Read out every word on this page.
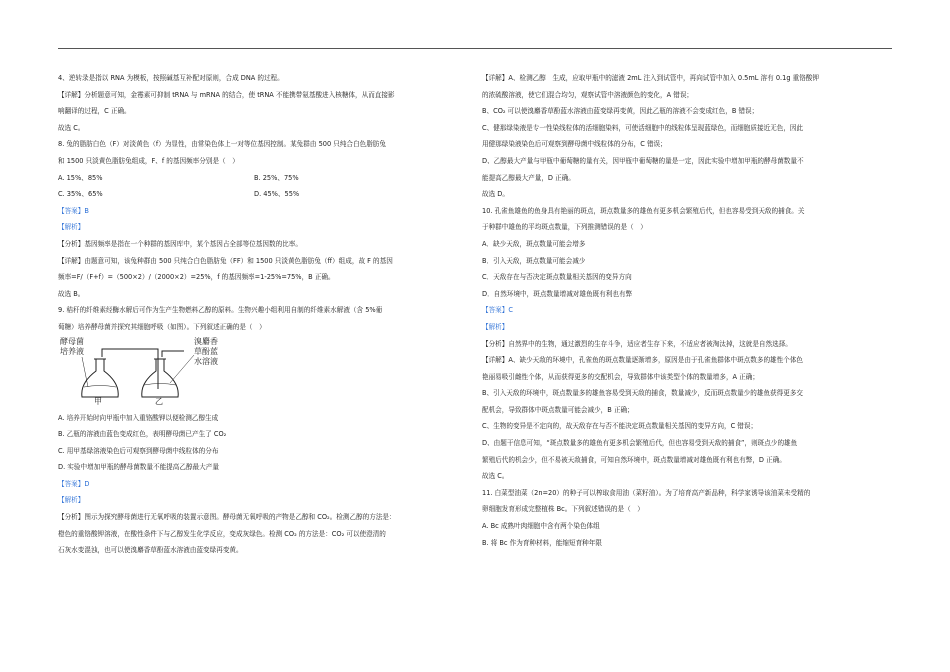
4、逆转录是指以 RNA 为模板，按照碱基互补配对原则，合成 DNA 的过程。
【详解】分析题意可知，金霉素可抑制 tRNA 与 mRNA 的结合，使 tRNA 不能携带氨基酸进入核糖体，从而直接影
响翻译的过程，C 正确。
故选 C。
8. 兔的脂肪白色（F）对淡黄色（f）为显性，由常染色体上一对等位基因控制。某兔群由 500 只纯合白色脂肪兔
和 1500 只淡黄色脂肪兔组成，F、f 的基因频率分别是（　）
A. 15%、85%	B. 25%、75%
C. 35%、65%	D. 45%、55%
【答案】B
【解析】
【分析】基因频率是指在一个种群的基因库中，某个基因占全部等位基因数的比率。
【详解】由题意可知，该兔种群由 500 只纯合白色脂肪兔（FF）和 1500 只淡黄色脂肪兔（ff）组成，故 F 的基因
频率=F/（F+f）=（500×2）/（2000×2）=25%，f 的基因频率=1-25%=75%，B 正确。
故选 B。
9. 秸秆的纤维素经酶水解后可作为生产生物燃料乙醇的原料。生物兴趣小组利用自制的纤维素水解液（含 5%葡
萄糖）培养酵母菌并探究其细胞呼吸（如图）。下列叙述正确的是（　）
酵母菌
培养液
溴麝香
草酚蓝
水溶液
甲	乙
A. 培养开始时向甲瓶中加入重铬酸钾以便检测乙醇生成
B. 乙瓶的溶液由蓝色变成红色，表明酵母菌已产生了 CO₂
C. 用甲基绿溶液染色后可观察到酵母菌中线粒体的分布
D. 实验中增加甲瓶的酵母菌数量不能提高乙醇最大产量
【答案】D
【解析】
【分析】图示为探究酵母菌进行无氧呼吸的装置示意图。酵母菌无氧呼吸的产物是乙醇和 CO₂。检测乙醇的方法是：
橙色的重铬酸钾溶液，在酸性条件下与乙醇发生化学反应，变成灰绿色。检测 CO₂ 的方法是：CO₂ 可以使澄清的
石灰水变混浊，也可以使溴麝香草酚蓝水溶液由蓝变绿再变黄。
【详解】A、检测乙醇　生成，应取甲瓶中的滤液 2mL 注入到试管中，再向试管中加入 0.5mL 溶有 0.1g 重铬酸钾
的浓硫酸溶液，使它们混合均匀，观察试管中溶液颜色的变化，A 错误；
B、CO₂ 可以使溴麝香草酚蓝水溶液由蓝变绿再变黄，因此乙瓶的溶液不会变成红色，B 错误；
C、健那绿染液是专一性染线粒体的活细胞染料，可使活细胞中的线粒体呈现蓝绿色，而细胞质接近无色，因此
用健那绿染液染色后可观察到酵母菌中线粒体的分布，C 错误；
D、乙醇最大产量与甲瓶中葡萄糖的量有关，因甲瓶中葡萄糖的量是一定，因此实验中增加甲瓶的酵母菌数量不
能提高乙醇最大产量，D 正确。
故选 D。
10. 孔雀鱼雄鱼的鱼身具有艳丽的斑点，斑点数量多的雄鱼有更多机会繁殖后代，但也容易受到天敌的捕食。关
于种群中雄鱼的平均斑点数量，下列推测错误的是（　）
A．缺少天敌，斑点数量可能会增多
B．引入天敌，斑点数量可能会减少
C．天敌存在与否决定斑点数量相关基因的变异方向
D．自然环境中，斑点数量增减对雄鱼既有利也有弊
【答案】C
【解析】
【分析】自然界中的生物，通过激烈的生存斗争，适应者生存下来，不适应者被淘汰掉，这就是自然选择。
【详解】A、缺少天敌的环境中，孔雀鱼的斑点数量逐渐增多，原因是由于孔雀鱼群体中斑点数多的雄性个体色
艳丽易吸引雌性个体，从而获得更多的交配机会，导致群体中该类型个体的数量增多，A 正确；
B、引入天敌的环境中，斑点数量多的雄鱼容易受到天敌的捕食，数量减少，反而斑点数量少的雄鱼获得更多交
配机会，导致群体中斑点数量可能会减少，B 正确；
C、生物的变异是不定向的，故天敌存在与否不能决定斑点数量相关基因的变异方向，C 错误；
D、由题干信息可知，“斑点数量多的雄鱼有更多机会繁殖后代，但也容易受到天敌的捕食”，则斑点少的雄鱼
繁殖后代的机会少，但不易被天敌捕食，可知自然环境中，斑点数量增减对雄鱼既有利也有弊，D 正确。
故选 C。
11. 白菜型油菜（2n=20）的种子可以榨取食用油（菜籽油）。为了培育高产新品种，科学家诱导该油菜未受精的
卵细胞发育形成完整植株 Bc。下列叙述错误的是（　）
A. Bc 成熟叶肉细胞中含有两个染色体组
B. 将 Bc 作为育种材料，能缩短育种年限
